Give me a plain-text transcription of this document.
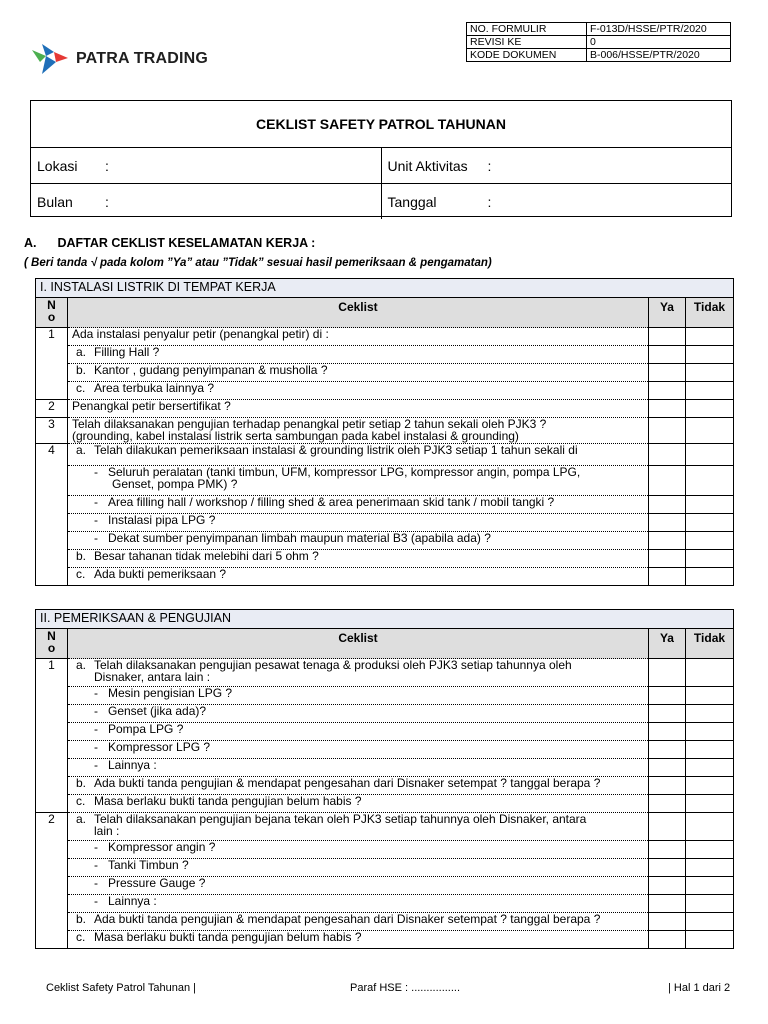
PATRA TRADING
NO. FORMULIR	F-013D/HSSE/PTR/2020
REVISI KE	0
KODE DOKUMEN	B-006/HSSE/PTR/2020
CEKLIST SAFETY PATROL TAHUNAN
Lokasi	:	Unit Aktivitas	:
Bulan	:	Tanggal	:
A. DAFTAR CEKLIST KESELAMATAN KERJA :
( Beri tanda √ pada kolom ”Ya” atau ”Tidak” sesuai hasil pemeriksaan & pengamatan)
I. INSTALASI LISTRIK DI TEMPAT KERJA			
N
o	Ceklist	Ya	Tidak
1	Ada instalasi penyalur petir (penangkal petir) di :		
	a. Filling Hall ?		
	b. Kantor , gudang penyimpanan & musholla ?		
	c. Area terbuka lainnya ?		
2	Penangkal petir bersertifikat ?		
3	Telah dilaksanakan pengujian terhadap penangkal petir setiap 2 tahun sekali oleh PJK3 ?
(grounding, kabel instalasi listrik serta sambungan pada kabel instalasi & grounding)		

4	a. Telah dilakukan pemeriksaan instalasi & grounding listrik oleh PJK3 setiap 1 tahun sekali di		
	- Seluruh peralatan (tanki timbun, UFM, kompressor LPG, kompressor angin, pompa LPG,
Genset, pompa PMK) ?		

	- Area filling hall / workshop / filling shed & area penerimaan skid tank / mobil tangki ?		
	- Instalasi pipa LPG ?		
	- Dekat sumber penyimpanan limbah maupun material B3 (apabila ada) ?		
	b. Besar tahanan tidak melebihi dari 5 ohm ?		
	c. Ada bukti pemeriksaan ?		
II. PEMERIKSAAN & PENGUJIAN			
N
o	Ceklist	Ya	Tidak
1	a. Telah dilaksanakan pengujian pesawat tenaga & produksi oleh PJK3 setiap tahunnya oleh
Disnaker, antara lain :		

	- Mesin pengisian LPG ?		
	- Genset (jika ada)?		
	- Pompa LPG ?		
	- Kompressor LPG ?		
	- Lainnya :		
	b. Ada bukti tanda pengujian & mendapat pengesahan dari Disnaker setempat ? tanggal berapa ?		
	c. Masa berlaku bukti tanda pengujian belum habis ?		
2	a. Telah dilaksanakan pengujian bejana tekan oleh PJK3 setiap tahunnya oleh Disnaker, antara
lain :		

	- Kompressor angin ?		
	- Tanki Timbun ?		
	- Pressure Gauge ?		
	- Lainnya :		
	b. Ada bukti tanda pengujian & mendapat pengesahan dari Disnaker setempat ? tanggal berapa ?		
	c. Masa berlaku bukti tanda pengujian belum habis ?		
Ceklist Safety Patrol Tahunan |	Paraf HSE : ................	| Hal 1 dari 2
